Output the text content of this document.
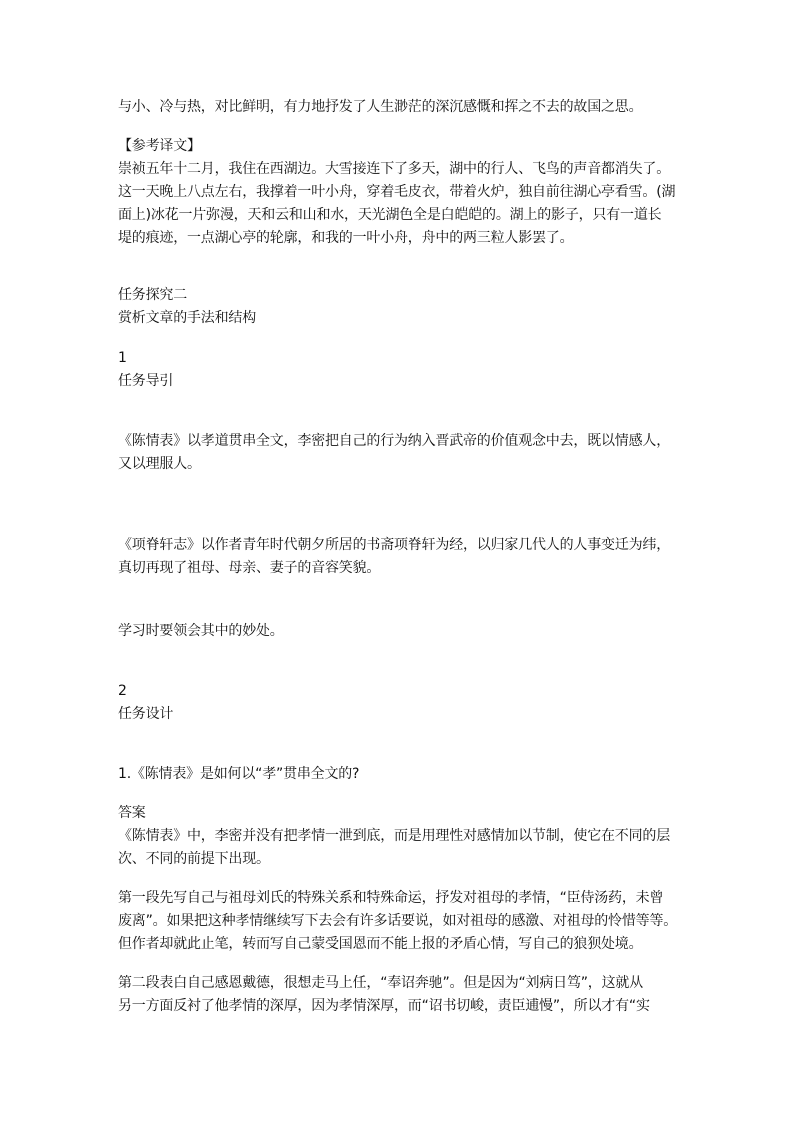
与小、冷与热，对比鲜明，有力地抒发了人生渺茫的深沉感慨和挥之不去的故国之思。
【参考译文】
崇祯五年十二月，我住在西湖边。大雪接连下了多天，湖中的行人、飞鸟的声音都消失了。
这一天晚上八点左右，我撑着一叶小舟，穿着毛皮衣，带着火炉，独自前往湖心亭看雪。(湖
面上)冰花一片弥漫，天和云和山和水，天光湖色全是白皑皑的。湖上的影子，只有一道长
堤的痕迹，一点湖心亭的轮廓，和我的一叶小舟，舟中的两三粒人影罢了。
任务探究二
赏析文章的手法和结构
1
任务导引
《陈情表》以孝道贯串全文，李密把自己的行为纳入晋武帝的价值观念中去，既以情感人，
又以理服人。
《项脊轩志》以作者青年时代朝夕所居的书斋项脊轩为经，以归家几代人的人事变迁为纬，
真切再现了祖母、母亲、妻子的音容笑貌。
学习时要领会其中的妙处。
2
任务设计
1.《陈情表》是如何以“孝”贯串全文的?
答案
《陈情表》中，李密并没有把孝情一泄到底，而是用理性对感情加以节制，使它在不同的层
次、不同的前提下出现。
第一段先写自己与祖母刘氏的特殊关系和特殊命运，抒发对祖母的孝情，“臣侍汤药，未曾
废离”。如果把这种孝情继续写下去会有许多话要说，如对祖母的感激、对祖母的怜惜等等。
但作者却就此止笔，转而写自己蒙受国恩而不能上报的矛盾心情，写自己的狼狈处境。
第二段表白自己感恩戴德，很想走马上任，“奉诏奔驰”。但是因为“刘病日笃”，这就从
另一方面反衬了他孝情的深厚，因为孝情深厚，而“诏书切峻，责臣逋慢”，所以才有“实
